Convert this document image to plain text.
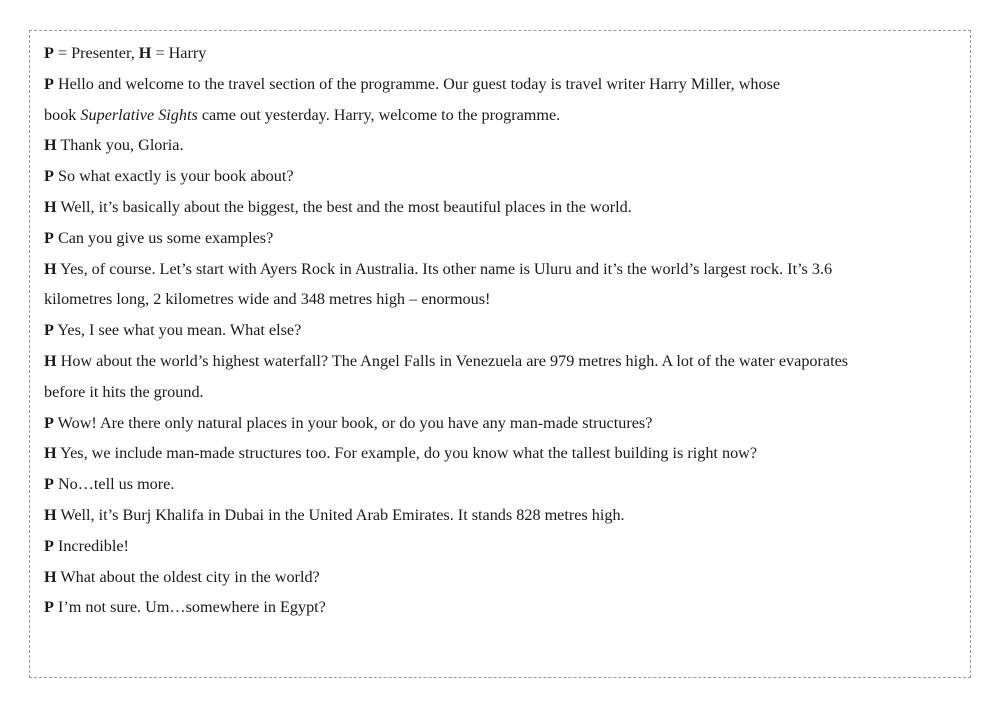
P = Presenter, H = Harry
P Hello and welcome to the travel section of the programme. Our guest today is travel writer Harry Miller, whose
book Superlative Sights came out yesterday. Harry, welcome to the programme.
H Thank you, Gloria.
P So what exactly is your book about?
H Well, it’s basically about the biggest, the best and the most beautiful places in the world.
P Can you give us some examples?
H Yes, of course. Let’s start with Ayers Rock in Australia. Its other name is Uluru and it’s the world’s largest rock. It’s 3.6
kilometres long, 2 kilometres wide and 348 metres high – enormous!
P Yes, I see what you mean. What else?
H How about the world’s highest waterfall? The Angel Falls in Venezuela are 979 metres high. A lot of the water evaporates
before it hits the ground.
P Wow! Are there only natural places in your book, or do you have any man-made structures?
H Yes, we include man-made structures too. For example, do you know what the tallest building is right now?
P No…tell us more.
H Well, it’s Burj Khalifa in Dubai in the United Arab Emirates. It stands 828 metres high.
P Incredible!
H What about the oldest city in the world?
P I’m not sure. Um…somewhere in Egypt?
